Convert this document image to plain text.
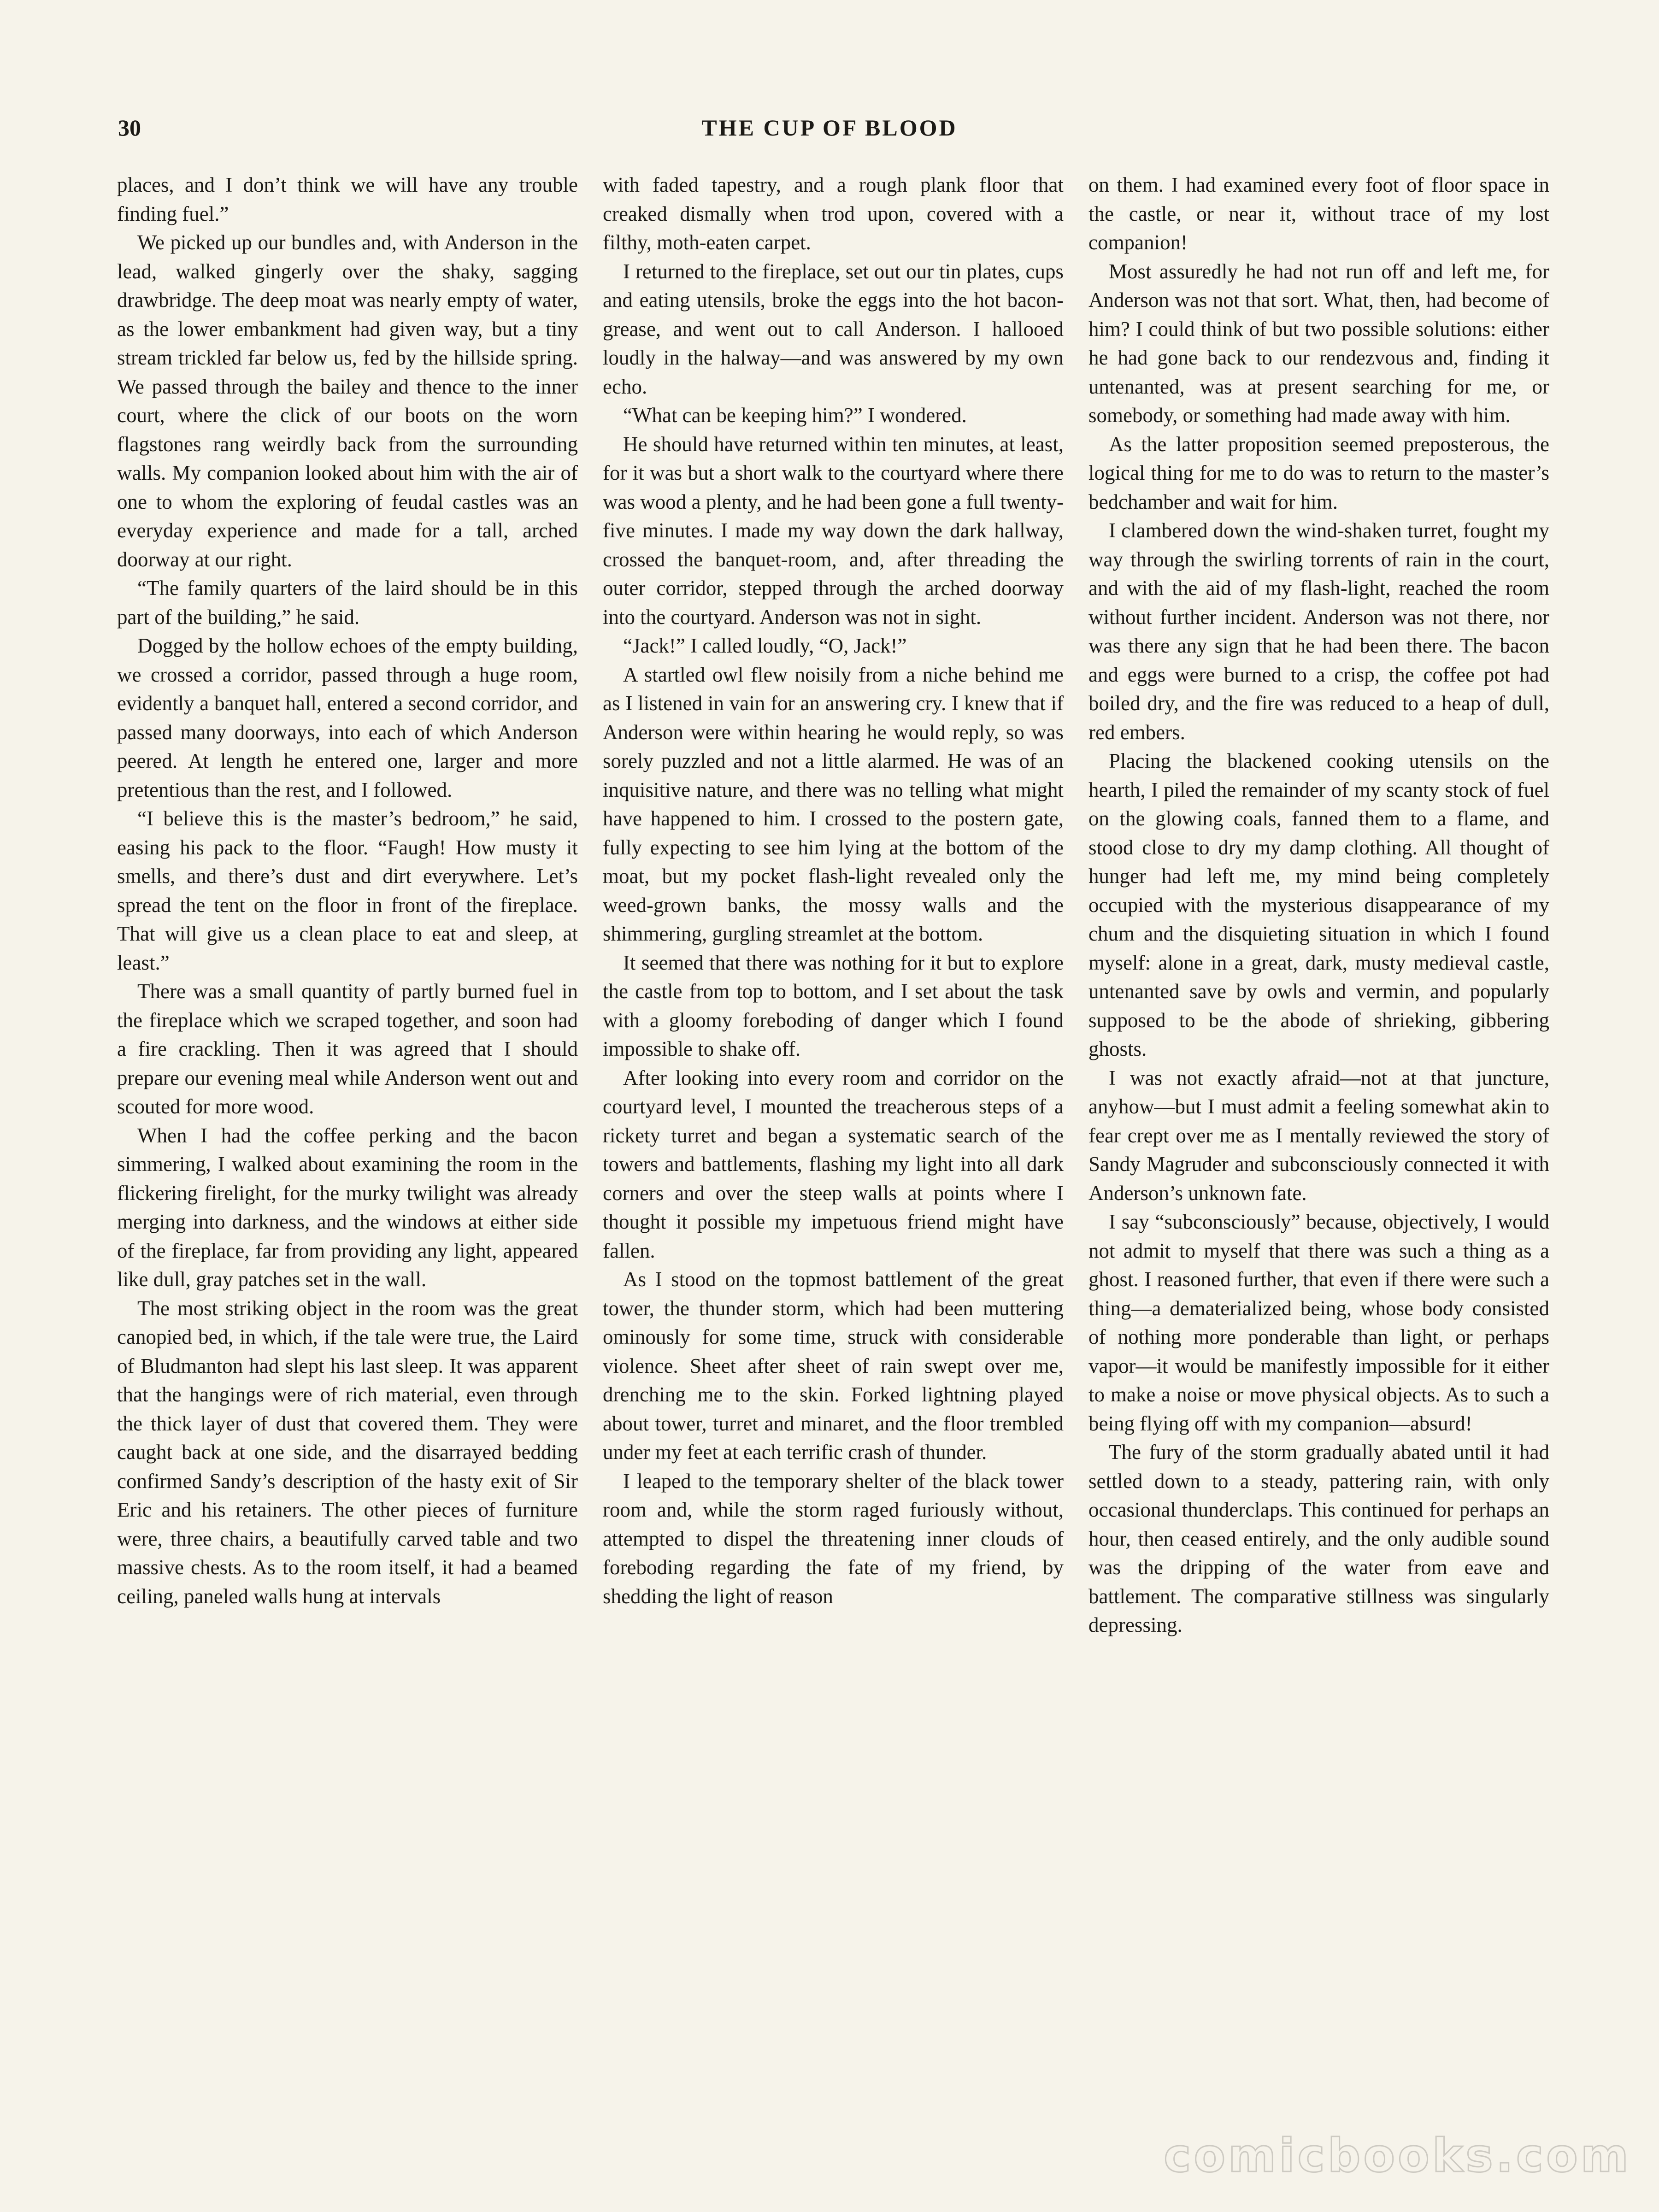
30	THE CUP OF BLOOD

places, and I don’t think we will have any trouble finding fuel.”

We picked up our bundles and, with Anderson in the lead, walked gingerly over the shaky, sagging drawbridge. The deep moat was nearly empty of water, as the lower embankment had given way, but a tiny stream trickled far below us, fed by the hillside spring. We passed through the bailey and thence to the inner court, where the click of our boots on the worn flagstones rang weirdly back from the surrounding walls. My companion looked about him with the air of one to whom the exploring of feudal castles was an everyday experience and made for a tall, arched doorway at our right.

“The family quarters of the laird should be in this part of the building,” he said.

Dogged by the hollow echoes of the empty building, we crossed a corridor, passed through a huge room, evidently a banquet hall, entered a second corridor, and passed many doorways, into each of which Anderson peered. At length he entered one, larger and more pretentious than the rest, and I followed.

“I believe this is the master’s bedroom,” he said, easing his pack to the floor. “Faugh! How musty it smells, and there’s dust and dirt everywhere. Let’s spread the tent on the floor in front of the fireplace. That will give us a clean place to eat and sleep, at least.”

There was a small quantity of partly burned fuel in the fireplace which we scraped together, and soon had a fire crackling. Then it was agreed that I should prepare our evening meal while Anderson went out and scouted for more wood.

When I had the coffee perking and the bacon simmering, I walked about examining the room in the flickering firelight, for the murky twilight was already merging into darkness, and the windows at either side of the fireplace, far from providing any light, appeared like dull, gray patches set in the wall.

The most striking object in the room was the great canopied bed, in which, if the tale were true, the Laird of Bludmanton had slept his last sleep. It was apparent that the hangings were of rich material, even through the thick layer of dust that covered them. They were caught back at one side, and the disarrayed bedding confirmed Sandy’s description of the hasty exit of Sir Eric and his retainers. The other pieces of furniture were, three chairs, a beautifully carved table and two massive chests. As to the room itself, it had a beamed ceiling, paneled walls hung at intervals

with faded tapestry, and a rough plank floor that creaked dismally when trod upon, covered with a filthy, moth-eaten carpet.

I returned to the fireplace, set out our tin plates, cups and eating utensils, broke the eggs into the hot bacon-grease, and went out to call Anderson. I hallooed loudly in the halway—and was answered by my own echo.

“What can be keeping him?” I wondered.

He should have returned within ten minutes, at least, for it was but a short walk to the courtyard where there was wood a plenty, and he had been gone a full twenty-five minutes. I made my way down the dark hallway, crossed the banquet-room, and, after threading the outer corridor, stepped through the arched doorway into the courtyard. Anderson was not in sight.

“Jack!” I called loudly, “O, Jack!”

A startled owl flew noisily from a niche behind me as I listened in vain for an answering cry. I knew that if Anderson were within hearing he would reply, so was sorely puzzled and not a little alarmed. He was of an inquisitive nature, and there was no telling what might have happened to him. I crossed to the postern gate, fully expecting to see him lying at the bottom of the moat, but my pocket flash-light revealed only the weed-grown banks, the mossy walls and the shimmering, gurgling streamlet at the bottom.

It seemed that there was nothing for it but to explore the castle from top to bottom, and I set about the task with a gloomy foreboding of danger which I found impossible to shake off.

After looking into every room and corridor on the courtyard level, I mounted the treacherous steps of a rickety turret and began a systematic search of the towers and battlements, flashing my light into all dark corners and over the steep walls at points where I thought it possible my impetuous friend might have fallen.

As I stood on the topmost battlement of the great tower, the thunder storm, which had been muttering ominously for some time, struck with considerable violence. Sheet after sheet of rain swept over me, drenching me to the skin. Forked lightning played about tower, turret and minaret, and the floor trembled under my feet at each terrific crash of thunder.

I leaped to the temporary shelter of the black tower room and, while the storm raged furiously without, attempted to dispel the threatening inner clouds of foreboding regarding the fate of my friend, by shedding the light of reason

on them. I had examined every foot of floor space in the castle, or near it, without trace of my lost companion!

Most assuredly he had not run off and left me, for Anderson was not that sort. What, then, had become of him? I could think of but two possible solutions: either he had gone back to our rendezvous and, finding it untenanted, was at present searching for me, or somebody, or something had made away with him.

As the latter proposition seemed preposterous, the logical thing for me to do was to return to the master’s bedchamber and wait for him.

I clambered down the wind-shaken turret, fought my way through the swirling torrents of rain in the court, and with the aid of my flash-light, reached the room without further incident. Anderson was not there, nor was there any sign that he had been there. The bacon and eggs were burned to a crisp, the coffee pot had boiled dry, and the fire was reduced to a heap of dull, red embers.

Placing the blackened cooking utensils on the hearth, I piled the remainder of my scanty stock of fuel on the glowing coals, fanned them to a flame, and stood close to dry my damp clothing. All thought of hunger had left me, my mind being completely occupied with the mysterious disappearance of my chum and the disquieting situation in which I found myself: alone in a great, dark, musty medieval castle, untenanted save by owls and vermin, and popularly supposed to be the abode of shrieking, gibbering ghosts.

I was not exactly afraid—not at that juncture, anyhow—but I must admit a feeling somewhat akin to fear crept over me as I mentally reviewed the story of Sandy Magruder and subconsciously connected it with Anderson’s unknown fate.

I say “subconsciously” because, objectively, I would not admit to myself that there was such a thing as a ghost. I reasoned further, that even if there were such a thing—a dematerialized being, whose body consisted of nothing more ponderable than light, or perhaps vapor—it would be manifestly impossible for it either to make a noise or move physical objects. As to such a being flying off with my companion—absurd!

The fury of the storm gradually abated until it had settled down to a steady, pattering rain, with only occasional thunderclaps. This continued for perhaps an hour, then ceased entirely, and the only audible sound was the dripping of the water from eave and battlement. The comparative stillness was singularly depressing.

comicbooks.com
